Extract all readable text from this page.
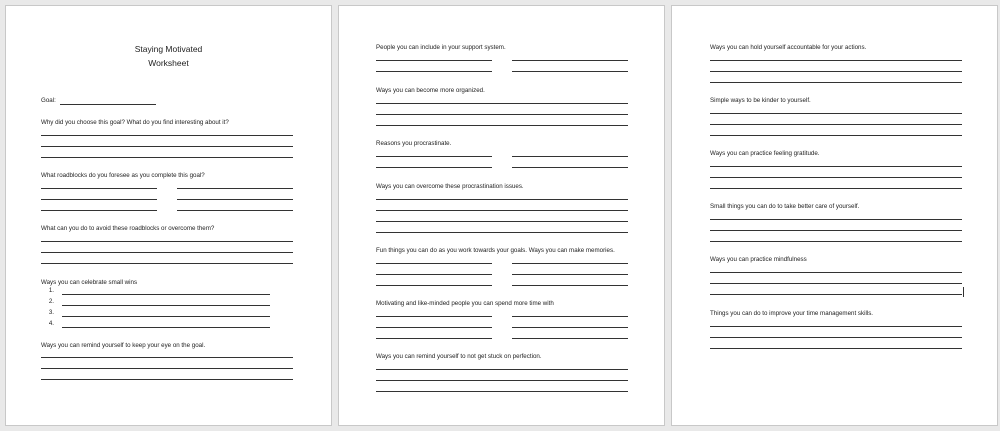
Staying Motivated
Worksheet
Goal:
Why did you choose this goal? What do you find interesting about it?
What roadblocks do you foresee as you complete this goal?
What can you do to avoid these roadblocks or overcome them?
Ways you can celebrate small wins
1.
2.
3.
4.
Ways you can remind yourself to keep your eye on the goal.
People you can include in your support system.
Ways you can become more organized.
Reasons you procrastinate.
Ways you can overcome these procrastination issues.
Fun things you can do as you work towards your goals. Ways you can make memories.
Motivating and like-minded people you can spend more time with
Ways you can remind yourself to not get stuck on perfection.
Ways you can hold yourself accountable for your actions.
Simple ways to be kinder to yourself.
Ways you can practice feeling gratitude.
Small things you can do to take better care of yourself.
Ways you can practice mindfulness
Things you can do to improve your time management skills.
